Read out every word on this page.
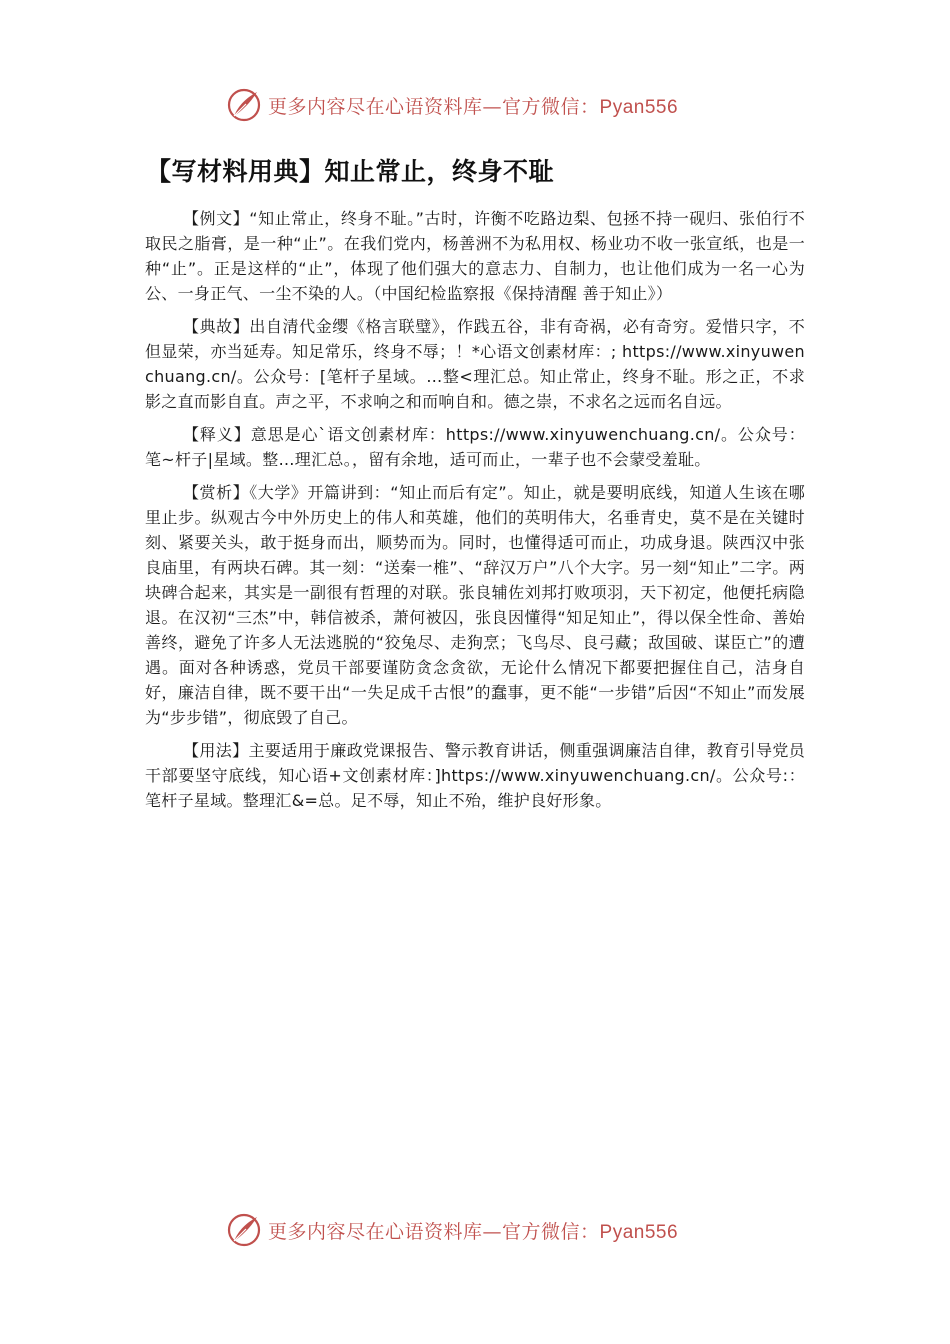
更多内容尽在心语资料库—官方微信：Pyan556
【写材料用典】知止常止，终身不耻

【例文】“知止常止，终身不耻。”古时，许衡不吃路边梨、包拯不持一砚归、张伯行不取民之脂膏，是一种“止”。在我们党内，杨善洲不为私用权、杨业功不收一张宣纸，也是一种“止”。正是这样的“止”，体现了他们强大的意志力、自制力，也让他们成为一名一心为公、一身正气、一尘不染的人。（中国纪检监察报《保持清醒 善于知止》）

【典故】出自清代金缨《格言联璧》，作践五谷，非有奇祸，必有奇穷。爱惜只字，不但显荣，亦当延寿。知足常乐，终身不辱；！*心语文创素材库：; https://www.xinyuwenchuang.cn/。公众号：[笔杆子星域。…整<理汇总。知止常止，终身不耻。形之正，不求影之直而影自直。声之平，不求响之和而响自和。德之崇，不求名之远而名自远。

【释义】意思是心`语文创素材库：https://www.xinyuwenchuang.cn/。公众号：笔~杆子|星域。整…理汇总。，留有余地，适可而止，一辈子也不会蒙受羞耻。

【赏析】《大学》开篇讲到：“知止而后有定”。知止，就是要明底线，知道人生该在哪里止步。纵观古今中外历史上的伟人和英雄，他们的英明伟大，名垂青史，莫不是在关键时刻、紧要关头，敢于挺身而出，顺势而为。同时，也懂得适可而止，功成身退。陕西汉中张良庙里，有两块石碑。其一刻：“送秦一椎”、“辞汉万户”八个大字。另一刻“知止”二字。两块碑合起来，其实是一副很有哲理的对联。张良辅佐刘邦打败项羽，天下初定，他便托病隐退。在汉初“三杰”中，韩信被杀，萧何被囚，张良因懂得“知足知止”，得以保全性命、善始善终，避免了许多人无法逃脱的“狡兔尽、走狗烹；飞鸟尽、良弓藏；敌国破、谋臣亡”的遭遇。面对各种诱惑，党员干部要谨防贪念贪欲，无论什么情况下都要把握住自己，洁身自好，廉洁自律，既不要干出“一失足成千古恨”的蠢事，更不能“一步错”后因“不知止”而发展为“步步错”，彻底毁了自己。

【用法】主要适用于廉政党课报告、警示教育讲话，侧重强调廉洁自律，教育引导党员干部要坚守底线，知心语+文创素材库：]https://www.xinyuwenchuang.cn/。公众号:：笔杆子星域。整理汇&=总。足不辱，知止不殆，维护良好形象。

更多内容尽在心语资料库—官方微信：Pyan556
